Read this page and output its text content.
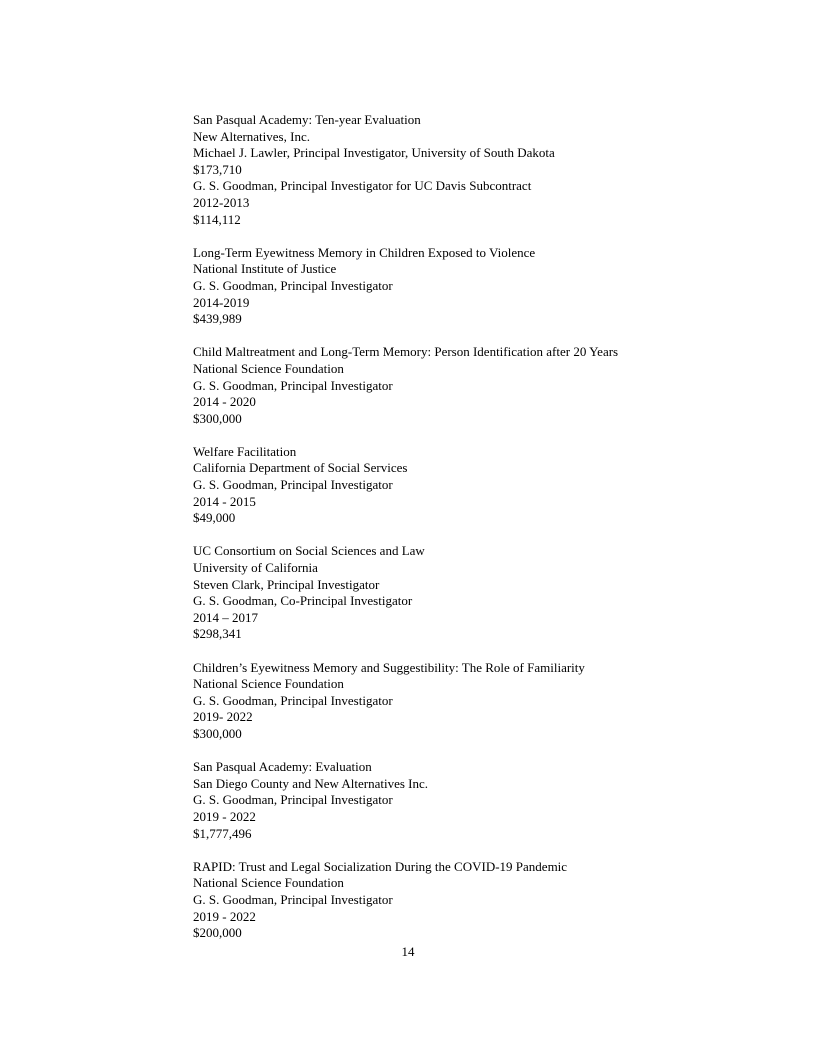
San Pasqual Academy: Ten-year Evaluation
New Alternatives, Inc.
Michael J. Lawler, Principal Investigator, University of South Dakota
$173,710
G. S. Goodman, Principal Investigator for UC Davis Subcontract
2012-2013
$114,112
Long-Term Eyewitness Memory in Children Exposed to Violence
National Institute of Justice
G. S. Goodman, Principal Investigator
2014-2019
$439,989
Child Maltreatment and Long-Term Memory: Person Identification after 20 Years
National Science Foundation
G. S. Goodman, Principal Investigator
2014 - 2020
$300,000
Welfare Facilitation
California Department of Social Services
G. S. Goodman, Principal Investigator
2014 - 2015
$49,000
UC Consortium on Social Sciences and Law
University of California
Steven Clark, Principal Investigator
G. S. Goodman, Co-Principal Investigator
2014 – 2017
$298,341
Children’s Eyewitness Memory and Suggestibility: The Role of Familiarity
National Science Foundation
G. S. Goodman, Principal Investigator
2019- 2022
$300,000
San Pasqual Academy: Evaluation
San Diego County and New Alternatives Inc.
G. S. Goodman, Principal Investigator
2019 - 2022
$1,777,496
RAPID: Trust and Legal Socialization During the COVID-19 Pandemic
National Science Foundation
G. S. Goodman, Principal Investigator
2019 - 2022
$200,000
14
